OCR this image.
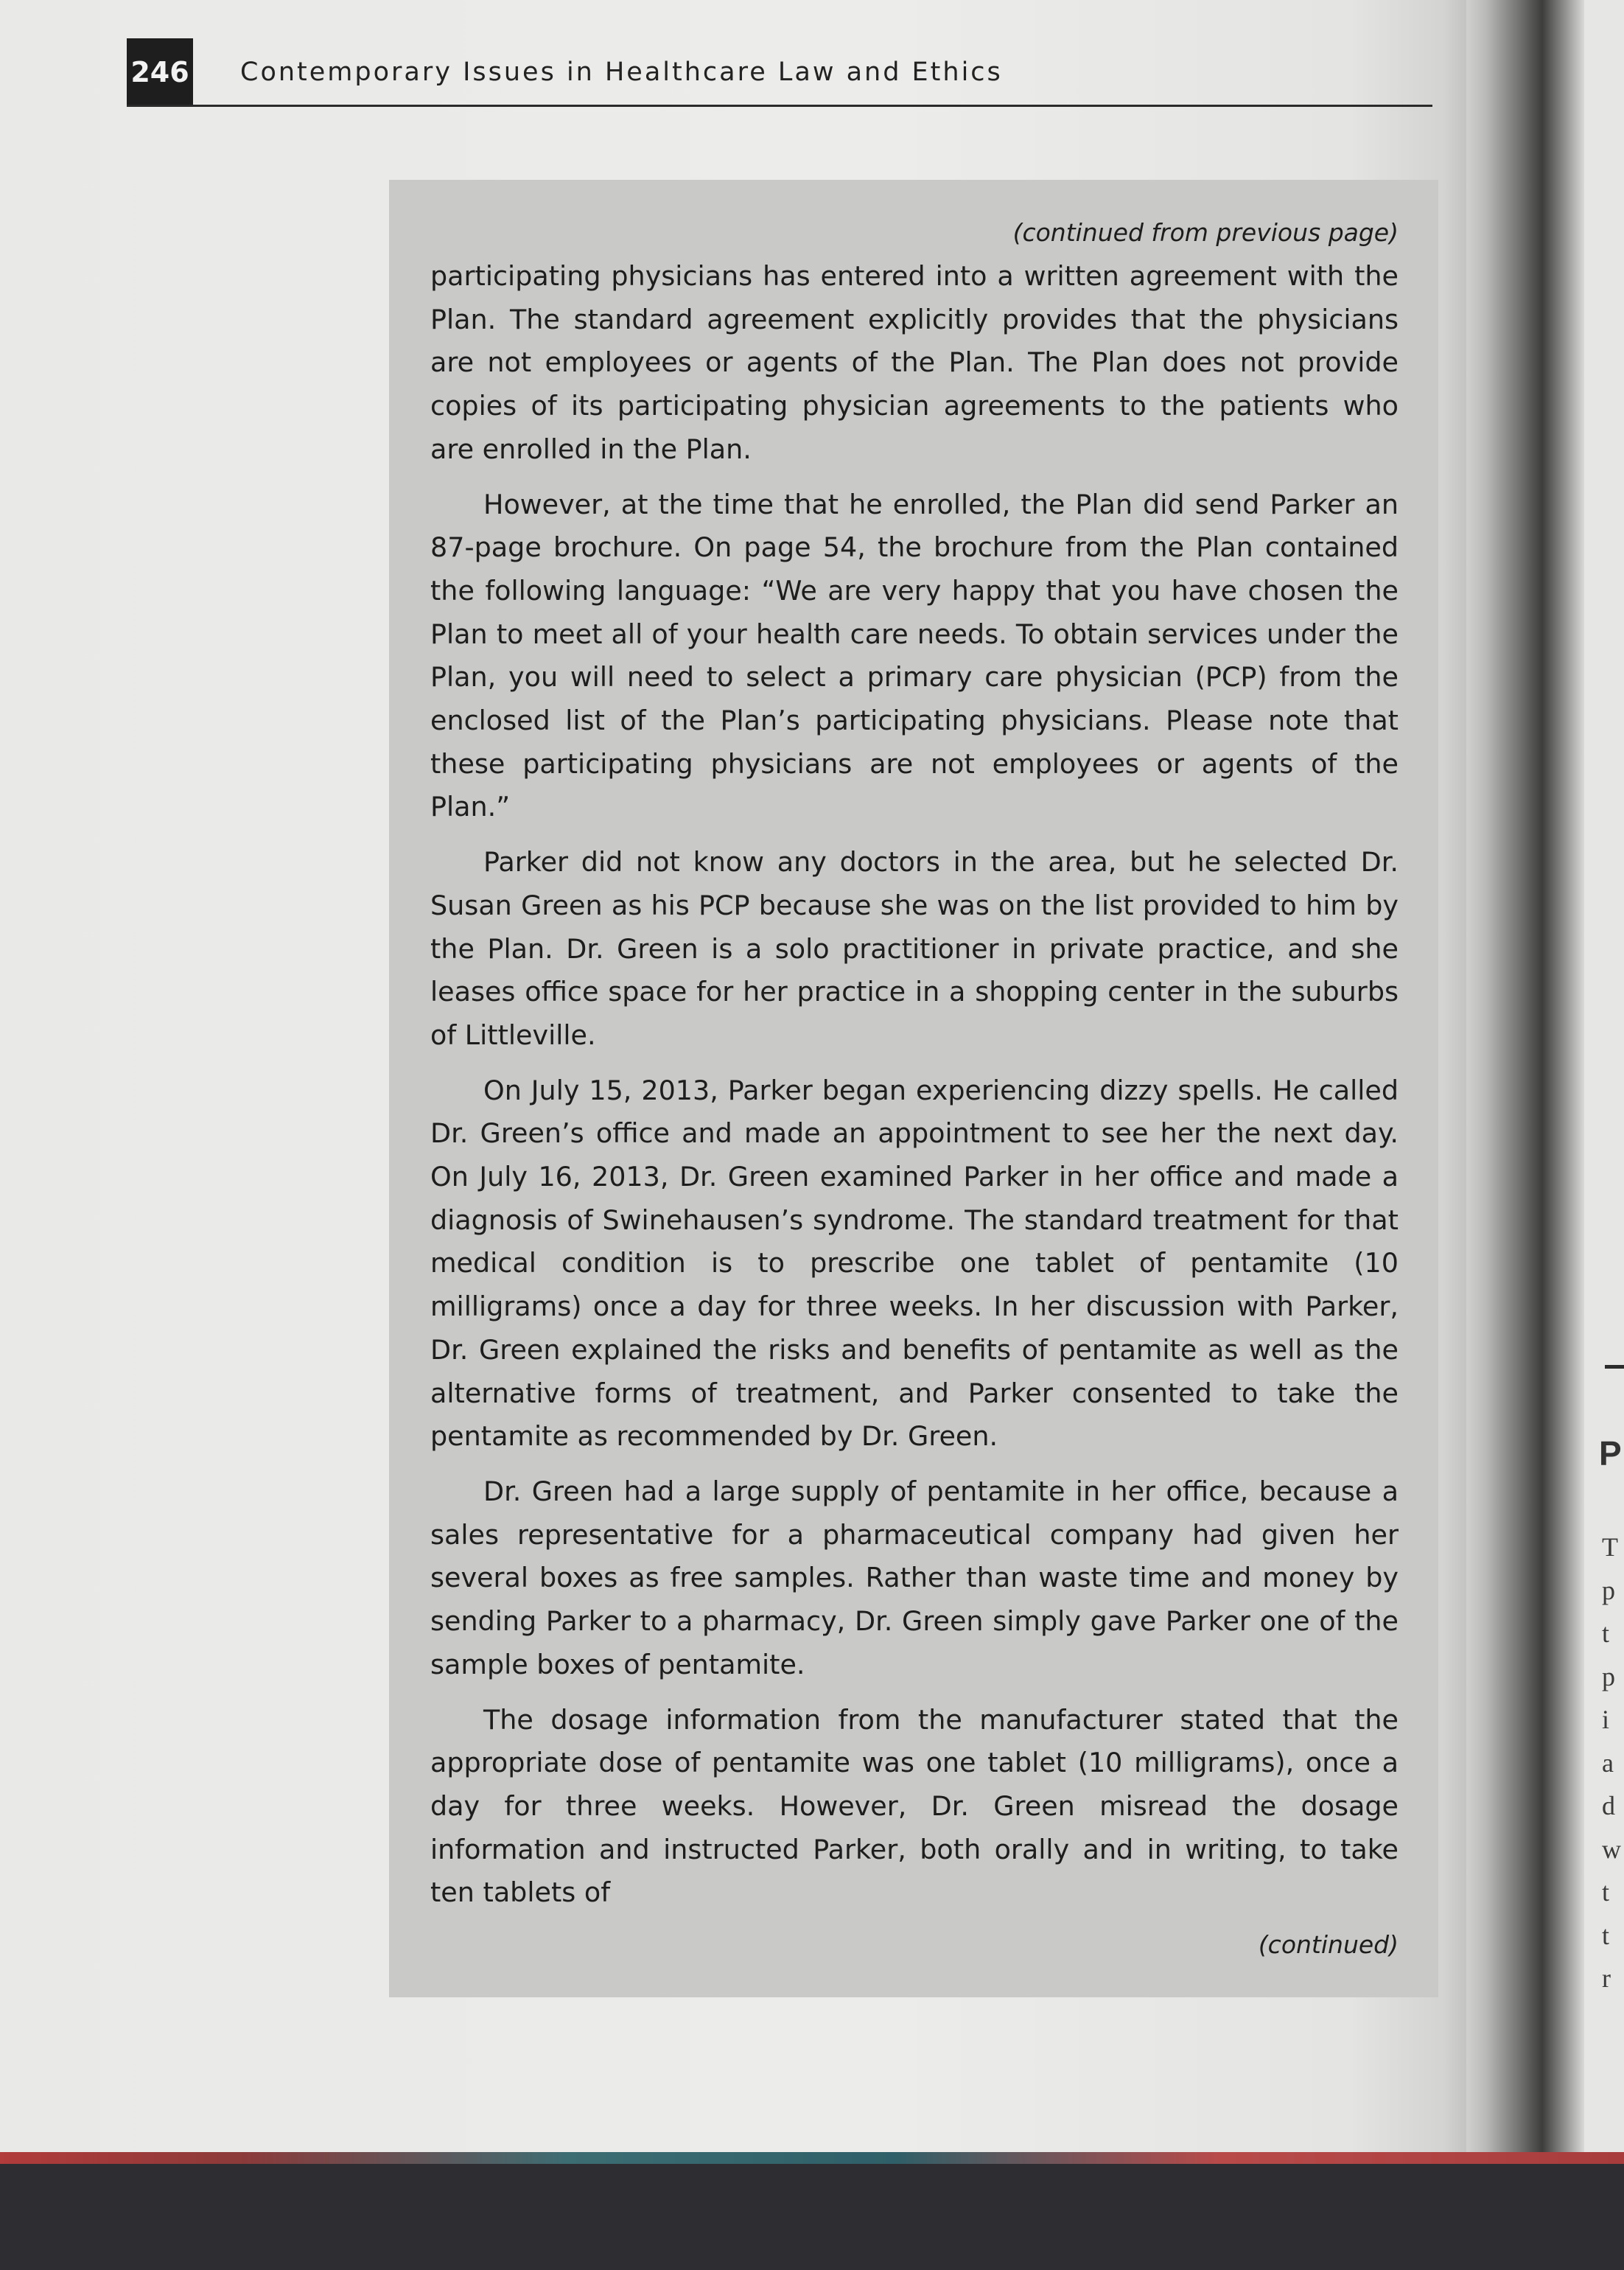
P
T
p
t
p
i
a
d
w
t
t
r
246 Contemporary Issues in Healthcare Law and Ethics

(continued from previous page)

participating physicians has entered into a written agreement with the Plan. The standard agreement explicitly provides that the physicians are not employees or agents of the Plan. The Plan does not provide copies of its participating physician agreements to the patients who are enrolled in the Plan.

However, at the time that he enrolled, the Plan did send Parker an 87-page brochure. On page 54, the brochure from the Plan contained the following language: “We are very happy that you have chosen the Plan to meet all of your health care needs. To obtain services under the Plan, you will need to select a primary care physician (PCP) from the enclosed list of the Plan’s participating physicians. Please note that these participating physicians are not employees or agents of the Plan.”

Parker did not know any doctors in the area, but he selected Dr. Susan Green as his PCP because she was on the list provided to him by the Plan. Dr. Green is a solo practitioner in private practice, and she leases office space for her practice in a shopping center in the suburbs of Littleville.

On July 15, 2013, Parker began experiencing dizzy spells. He called Dr. Green’s office and made an appointment to see her the next day. On July 16, 2013, Dr. Green examined Parker in her office and made a diagnosis of Swinehausen’s syndrome. The standard treatment for that medical condition is to prescribe one tablet of pentamite (10 milligrams) once a day for three weeks. In her discussion with Parker, Dr. Green explained the risks and benefits of pentamite as well as the alternative forms of treatment, and Parker consented to take the pentamite as recommended by Dr. Green.

Dr. Green had a large supply of pentamite in her office, because a sales representative for a pharmaceutical company had given her several boxes as free samples. Rather than waste time and money by sending Parker to a pharmacy, Dr. Green simply gave Parker one of the sample boxes of pentamite.

The dosage information from the manufacturer stated that the appropriate dose of pentamite was one tablet (10 milligrams), once a day for three weeks. However, Dr. Green misread the dosage information and instructed Parker, both orally and in writing, to take ten tablets of

(continued)
